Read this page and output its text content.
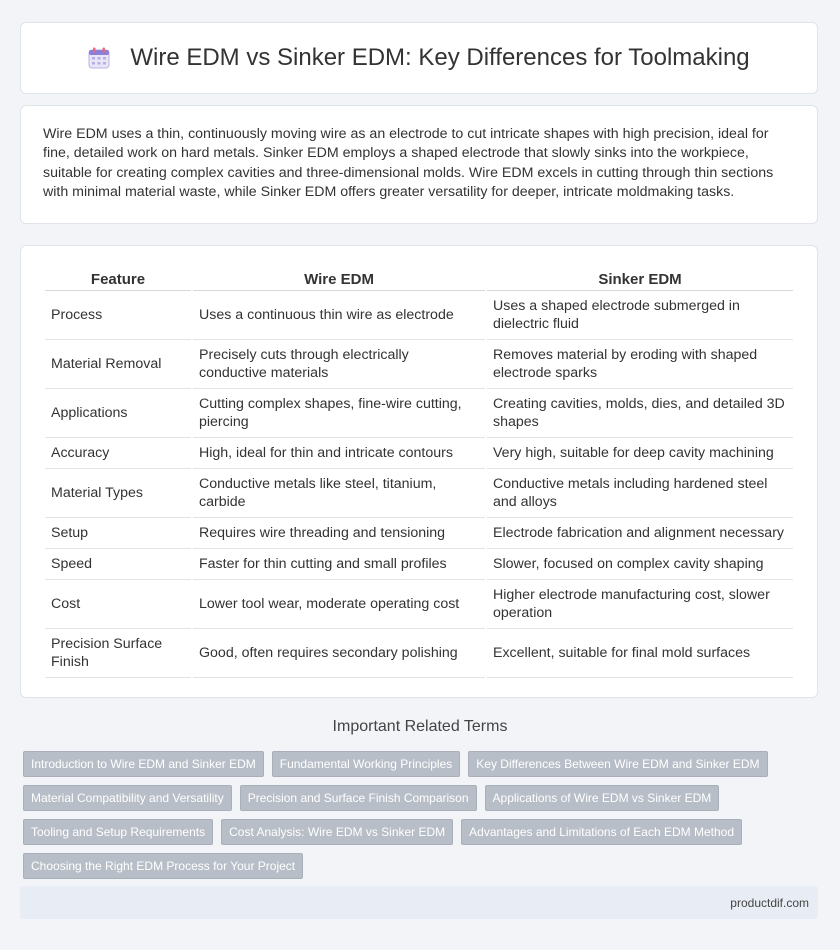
Wire EDM vs Sinker EDM: Key Differences for Toolmaking

Wire EDM uses a thin, continuously moving wire as an electrode to cut intricate shapes with high precision, ideal for fine, detailed work on hard metals. Sinker EDM employs a shaped electrode that slowly sinks into the workpiece, suitable for creating complex cavities and three-dimensional molds. Wire EDM excels in cutting through thin sections with minimal material waste, while Sinker EDM offers greater versatility for deeper, intricate moldmaking tasks.

Feature	Wire EDM	Sinker EDM
Process	Uses a continuous thin wire as electrode	Uses a shaped electrode submerged in dielectric fluid
Material Removal	Precisely cuts through electrically conductive materials	Removes material by eroding with shaped electrode sparks
Applications	Cutting complex shapes, fine-wire cutting, piercing	Creating cavities, molds, dies, and detailed 3D shapes
Accuracy	High, ideal for thin and intricate contours	Very high, suitable for deep cavity machining
Material Types	Conductive metals like steel, titanium, carbide	Conductive metals including hardened steel and alloys
Setup	Requires wire threading and tensioning	Electrode fabrication and alignment necessary
Speed	Faster for thin cutting and small profiles	Slower, focused on complex cavity shaping
Cost	Lower tool wear, moderate operating cost	Higher electrode manufacturing cost, slower operation
Precision Surface Finish	Good, often requires secondary polishing	Excellent, suitable for final mold surfaces
Important Related Terms
Introduction to Wire EDM and Sinker EDM	Fundamental Working Principles	Key Differences Between Wire EDM and Sinker EDM
Material Compatibility and Versatility	Precision and Surface Finish Comparison	Applications of Wire EDM vs Sinker EDM
Tooling and Setup Requirements	Cost Analysis: Wire EDM vs Sinker EDM	Advantages and Limitations of Each EDM Method
Choosing the Right EDM Process for Your Project
productdif.com
